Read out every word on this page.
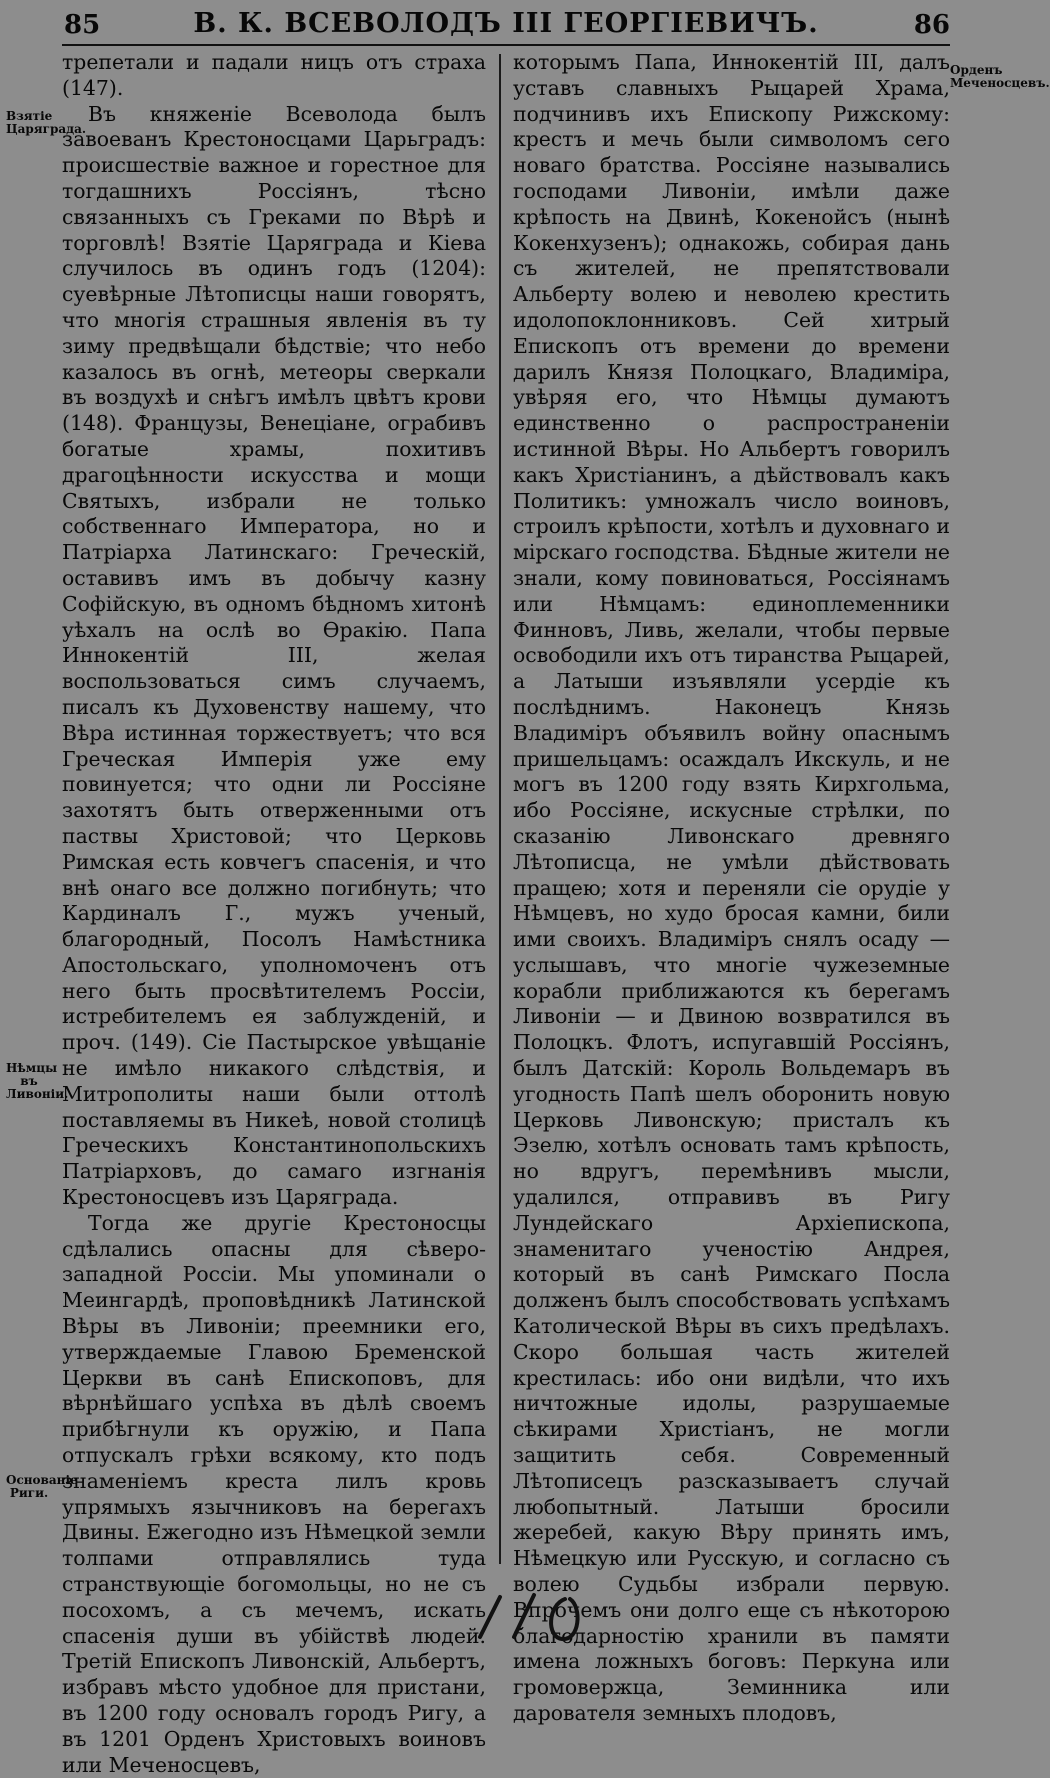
85	В. К. ВСЕВОЛОДЪ III ГЕОРГIЕВИЧЪ.	86
Взятіе Царяграда.
Нѣмцы въ Ливоніи.
Основаніе Риги.
Орденъ Меченосцевъ.

трепетали и падали ницъ отъ страха (147).

Въ княженіе Всеволода былъ завоеванъ Крестоносцами Царьградъ: происшествіе важное и горестное для тогдашнихъ Россіянъ, тѣсно связанныхъ съ Греками по Вѣрѣ и торговлѣ! Взятіе Царяграда и Кіева случилось въ одинъ годъ (1204): суевѣрные Лѣтописцы наши говорятъ, что многія страшныя явленія въ ту зиму предвѣщали бѣдствіе; что небо казалось въ огнѣ, метеоры сверкали въ воздухѣ и снѣгъ имѣлъ цвѣтъ крови (148). Французы, Венеціане, ограбивъ богатые храмы, похитивъ драгоцѣнности искусства и мощи Святыхъ, избрали не только собственнаго Императора, но и Патріарха Латинскаго: Греческій, оставивъ имъ въ добычу казну Софійскую, въ одномъ бѣдномъ хитонѣ уѣхалъ на ослѣ во Ѳракію. Папа Иннокентій III, желая воспользоваться симъ случаемъ, писалъ къ Духовенству нашему, что Вѣра истинная торжествуетъ; что вся Греческая Имперія уже ему повинуется; что одни ли Россіяне захотятъ быть отверженными отъ паствы Христовой; что Церковь Римская есть ковчегъ спасенія, и что внѣ онаго все должно погибнуть; что Кардиналъ Г., мужъ ученый, благородный, Посолъ Намѣстника Апостольскаго, уполномоченъ отъ него быть просвѣтителемъ Россіи, истребителемъ ея заблужденій, и проч. (149). Сіе Пастырское увѣщаніе не имѣло никакого слѣдствія, и Митрополиты наши были оттолѣ поставляемы въ Никеѣ, новой столицѣ Греческихъ Константинопольскихъ Патріарховъ, до самаго изгнанія Крестоносцевъ изъ Царяграда.

Тогда же другіе Крестоносцы сдѣлались опасны для сѣверо-западной Россіи. Мы упоминали о Меингардѣ, проповѣдникѣ Латинской Вѣры въ Ливоніи; преемники его, утверждаемые Главою Бременской Церкви въ санѣ Епископовъ, для вѣрнѣйшаго успѣха въ дѣлѣ своемъ прибѣгнули къ оружію, и Папа отпускалъ грѣхи всякому, кто подъ знаменіемъ креста лилъ кровь упрямыхъ язычниковъ на берегахъ Двины. Ежегодно изъ Нѣмецкой земли толпами отправлялись туда странствующіе богомольцы, но не съ посохомъ, а съ мечемъ, искать спасенія души въ убійствѣ людей. Третій Епископъ Ливонскій, Альбертъ, избравъ мѣсто удобное для пристани, въ 1200 году основалъ городъ Ригу, а въ 1201 Орденъ Христовыхъ воиновъ или Меченосцевъ,

которымъ Папа, Иннокентій III, далъ уставъ славныхъ Рыцарей Храма, подчинивъ ихъ Епископу Рижскому: крестъ и мечь были символомъ сего новаго братства. Россіяне назывались господами Ливоніи, имѣли даже крѣпость на Двинѣ, Кокенойсъ (нынѣ Кокенхузенъ); однакожь, собирая дань съ жителей, не препятствовали Альберту волею и неволею крестить идолопоклонниковъ. Сей хитрый Епископъ отъ времени до времени дарилъ Князя Полоцкаго, Владиміра, увѣряя его, что Нѣмцы думаютъ единственно о распространеніи истинной Вѣры. Но Альбертъ говорилъ какъ Христіанинъ, а дѣйствовалъ какъ Политикъ: умножалъ число воиновъ, строилъ крѣпости, хотѣлъ и духовнаго и мірскаго господства. Бѣдные жители не знали, кому повиноваться, Россіянамъ или Нѣмцамъ: единоплеменники Финновъ, Ливь, желали, чтобы первые освободили ихъ отъ тиранства Рыцарей, а Латыши изъявляли усердіе къ послѣднимъ. Наконецъ Князь Владиміръ объявилъ войну опаснымъ пришельцамъ: осаждалъ Икскуль, и не могъ въ 1200 году взять Кирхгольма, ибо Россіяне, искусные стрѣлки, по сказанію Ливонскаго древняго Лѣтописца, не умѣли дѣйствовать пращею; хотя и переняли сіе орудіе у Нѣмцевъ, но худо бросая камни, били ими своихъ. Владиміръ снялъ осаду — услышавъ, что многіе чужеземные корабли приближаются къ берегамъ Ливоніи — и Двиною возвратился въ Полоцкъ. Флотъ, испугавшій Россіянъ, былъ Датскій: Король Вольдемаръ въ угодность Папѣ шелъ оборонить новую Церковь Ливонскую; присталъ къ Эзелю, хотѣлъ основать тамъ крѣпость, но вдругъ, перемѣнивъ мысли, удалился, отправивъ въ Ригу Лундейскаго Архіепископа, знаменитаго ученостію Андрея, который въ санѣ Римскаго Посла долженъ былъ способствовать успѣхамъ Католической Вѣры въ сихъ предѣлахъ. Скоро большая часть жителей крестилась: ибо они видѣли, что ихъ ничтожные идолы, разрушаемые сѣкирами Христіанъ, не могли защитить себя. Современный Лѣтописецъ разсказываетъ случай любопытный. Латыши бросили жеребей, какую Вѣру принять имъ, Нѣмецкую или Русскую, и согласно съ волею Судьбы избрали первую. Впрочемъ они долго еще съ нѣкоторою благодарностію хранили въ памяти имена ложныхъ боговъ: Перкуна или громовержца, Земинника или дарователя земныхъ плодовъ,
